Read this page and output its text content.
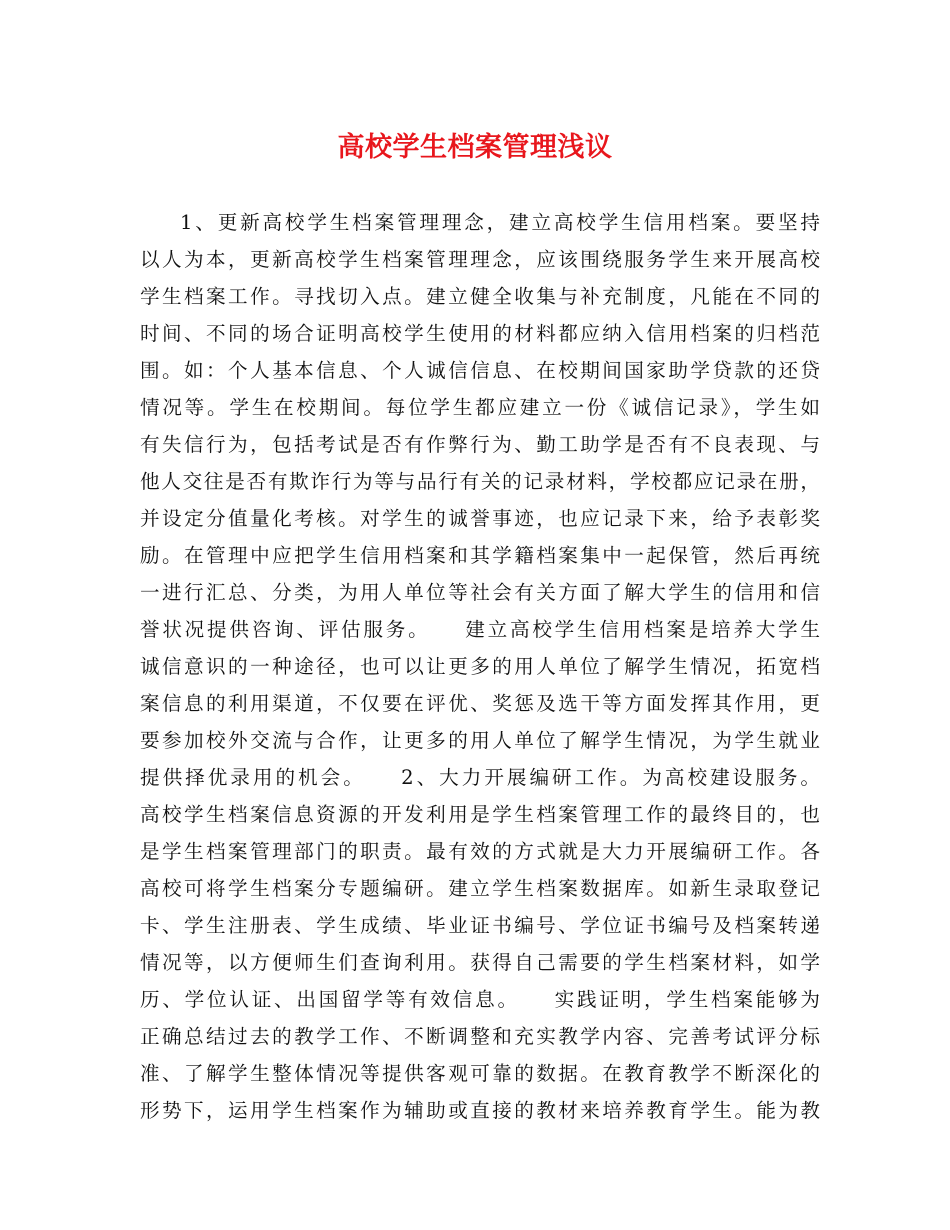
高校学生档案管理浅议
1、更新高校学生档案管理理念，建立高校学生信用档案。要坚持
以人为本，更新高校学生档案管理理念，应该围绕服务学生来开展高校
学生档案工作。寻找切入点。建立健全收集与补充制度，凡能在不同的
时间、不同的场合证明高校学生使用的材料都应纳入信用档案的归档范
围。如：个人基本信息、个人诚信信息、在校期间国家助学贷款的还贷
情况等。学生在校期间。每位学生都应建立一份《诚信记录》，学生如
有失信行为，包括考试是否有作弊行为、勤工助学是否有不良表现、与
他人交往是否有欺诈行为等与品行有关的记录材料，学校都应记录在册，
并设定分值量化考核。对学生的诚誉事迹，也应记录下来，给予表彰奖
励。在管理中应把学生信用档案和其学籍档案集中一起保管，然后再统
一进行汇总、分类，为用人单位等社会有关方面了解大学生的信用和信
誉状况提供咨询、评估服务。　　建立高校学生信用档案是培养大学生
诚信意识的一种途径，也可以让更多的用人单位了解学生情况，拓宽档
案信息的利用渠道，不仅要在评优、奖惩及选干等方面发挥其作用，更
要参加校外交流与合作，让更多的用人单位了解学生情况，为学生就业
提供择优录用的机会。　　2、大力开展编研工作。为高校建设服务。
高校学生档案信息资源的开发利用是学生档案管理工作的最终目的，也
是学生档案管理部门的职责。最有效的方式就是大力开展编研工作。各
高校可将学生档案分专题编研。建立学生档案数据库。如新生录取登记
卡、学生注册表、学生成绩、毕业证书编号、学位证书编号及档案转递
情况等，以方便师生们查询利用。获得自己需要的学生档案材料，如学
历、学位认证、出国留学等有效信息。　　实践证明，学生档案能够为
正确总结过去的教学工作、不断调整和充实教学内容、完善考试评分标
准、了解学生整体情况等提供客观可靠的数据。在教育教学不断深化的
形势下，运用学生档案作为辅助或直接的教材来培养教育学生。能为教
